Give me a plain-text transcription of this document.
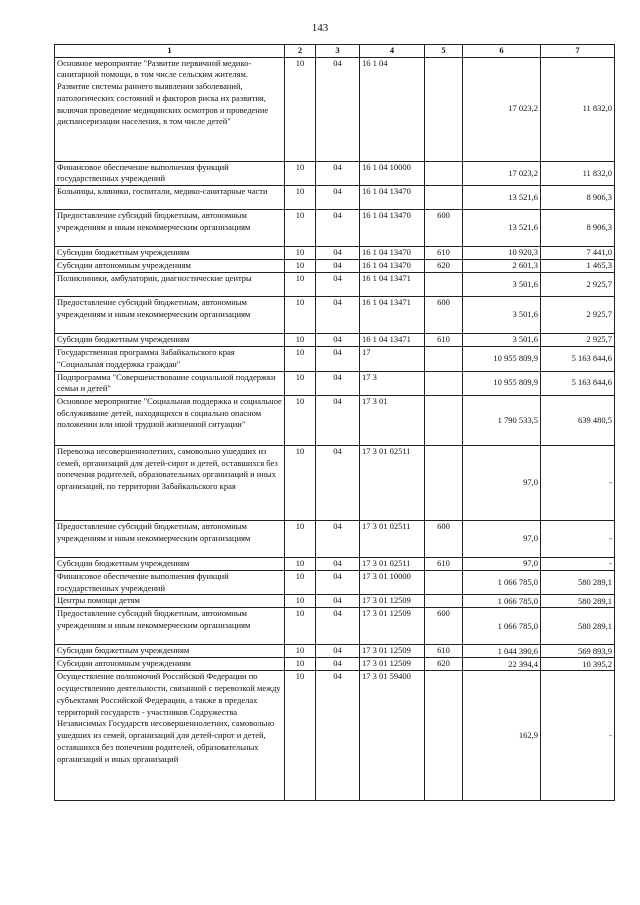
143
1	2	3	4	5	6	7
Основное мероприятие "Развитие первичной медико-санитарной помощи, в том числе сельским жителям. Развитие системы раннего выявления заболеваний, патологических состояний и факторов риска их развития, включая проведение медицинских осмотров и проведение диспансеризации населения, в том числе детей"	10	04	16 1 04		17 023,2	11 832,0
Финансовое обеспечение выполнения функций государственных учреждений	10	04	16 1 04 10000		17 023,2	11 832,0
Больницы, клиники, госпитали, медико-санитарные части	10	04	16 1 04 13470		13 521,6	8 906,3
Предоставление субсидий бюджетным, автономным учреждениям и иным некоммерческим организациям	10	04	16 1 04 13470	600	13 521,6	8 906,3
Субсидии бюджетным учреждениям	10	04	16 1 04 13470	610	10 920,3	7 441,0
Субсидии автономным учреждениям	10	04	16 1 04 13470	620	2 601,3	1 465,3
Поликлиники, амбулатории, диагностические центры	10	04	16 1 04 13471		3 501,6	2 925,7
Предоставление субсидий бюджетным, автономным учреждениям и иным некоммерческим организациям	10	04	16 1 04 13471	600	3 501,6	2 925,7
Субсидии бюджетным учреждениям	10	04	16 1 04 13471	610	3 501,6	2 925,7
Государственная программа Забайкальского края "Социальная поддержка граждан"	10	04	17		10 955 809,9	5 163 844,6
Подпрограмма "Совершенствование социальной поддержки семьи и детей"	10	04	17 3		10 955 809,9	5 163 844,6
Основное мероприятие "Социальная поддержка и социальное обслуживание детей, находящихся в социально опасном положении или иной трудной жизненной ситуации"	10	04	17 3 01		1 790 533,5	639 480,5
Перевозка несовершеннолетних, самовольно ушедших из семей, организаций для детей-сирот и детей, оставшихся без попечения родителей, образовательных организаций и иных организаций, по территории Забайкальского края	10	04	17 3 01 02511		97,0	-
Предоставление субсидий бюджетным, автономным учреждениям и иным некоммерческим организациям	10	04	17 3 01 02511	600	97,0	-
Субсидии бюджетным учреждениям	10	04	17 3 01 02511	610	97,0	-
Финансовое обеспечение выполнения функций государственных учреждений	10	04	17 3 01 10000		1 066 785,0	580 289,1
Центры помощи детям	10	04	17 3 01 12509		1 066 785,0	580 289,1
Предоставление субсидий бюджетным, автономным учреждениям и иным некоммерческим организациям	10	04	17 3 01 12509	600	1 066 785,0	580 289,1
Субсидии бюджетным учреждениям	10	04	17 3 01 12509	610	1 044 390,6	569 893,9
Субсидии автономным учреждениям	10	04	17 3 01 12509	620	22 394,4	10 395,2
Осуществление полномочий Российской Федерации по осуществлению деятельности, связанной с перевозкой между субъектами Российской Федерации, а также в пределах территорий государств - участников Содружества Независимых Государств несовершеннолетних, самовольно ушедших из семей, организаций для детей-сирот и детей, оставшихся без попечения родителей, образовательных организаций и иных организаций	10	04	17 3 01 59400		162,9	-
